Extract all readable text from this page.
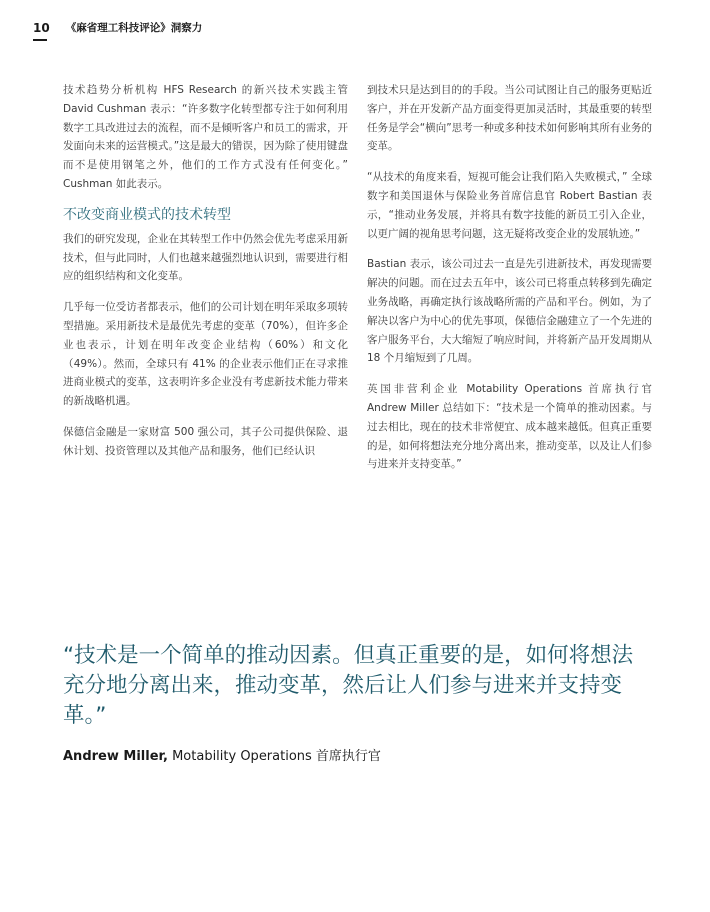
10 《麻省理工科技评论》洞察力

技术趋势分析机构 HFS Research 的新兴技术实践主管 David Cushman 表示：“许多数字化转型都专注于如何利用数字工具改进过去的流程，而不是倾听客户和员工的需求，开发面向未来的运营模式。”这是最大的错误，因为除了使用键盘而不是使用钢笔之外，他们的工作方式没有任何变化。” Cushman 如此表示。

不改变商业模式的技术转型

我们的研究发现，企业在其转型工作中仍然会优先考虑采用新技术，但与此同时，人们也越来越强烈地认识到，需要进行相应的组织结构和文化变革。

几乎每一位受访者都表示，他们的公司计划在明年采取多项转型措施。采用新技术是最优先考虑的变革（70%），但许多企业也表示，计划在明年改变企业结构（60%）和文化（49%）。然而，全球只有 41% 的企业表示他们正在寻求推进商业模式的变革，这表明许多企业没有考虑新技术能力带来的新战略机遇。

保德信金融是一家财富 500 强公司，其子公司提供保险、退休计划、投资管理以及其他产品和服务，他们已经认识

到技术只是达到目的的手段。当公司试图让自己的服务更贴近客户，并在开发新产品方面变得更加灵活时，其最重要的转型任务是学会“横向”思考一种或多种技术如何影响其所有业务的变革。

“从技术的角度来看，短视可能会让我们陷入失败模式，” 全球数字和美国退休与保险业务首席信息官 Robert Bastian 表示，“推动业务发展，并将具有数字技能的新员工引入企业，以更广阔的视角思考问题，这无疑将改变企业的发展轨迹。”

Bastian 表示，该公司过去一直是先引进新技术，再发现需要解决的问题。而在过去五年中，该公司已将重点转移到先确定业务战略，再确定执行该战略所需的产品和平台。例如，为了解决以客户为中心的优先事项，保德信金融建立了一个先进的客户服务平台，大大缩短了响应时间，并将新产品开发周期从 18 个月缩短到了几周。

英国非营利企业 Motability Operations 首席执行官 Andrew Miller 总结如下：“技术是一个简单的推动因素。与过去相比，现在的技术非常便宜、成本越来越低。但真正重要的是，如何将想法充分地分离出来，推动变革，以及让人们参与进来并支持变革。”

“技术是一个简单的推动因素。但真正重要的是，如何将想法充分地分离出来，推动变革，然后让人们参与进来并支持变革。”

Andrew Miller, Motability Operations 首席执行官
